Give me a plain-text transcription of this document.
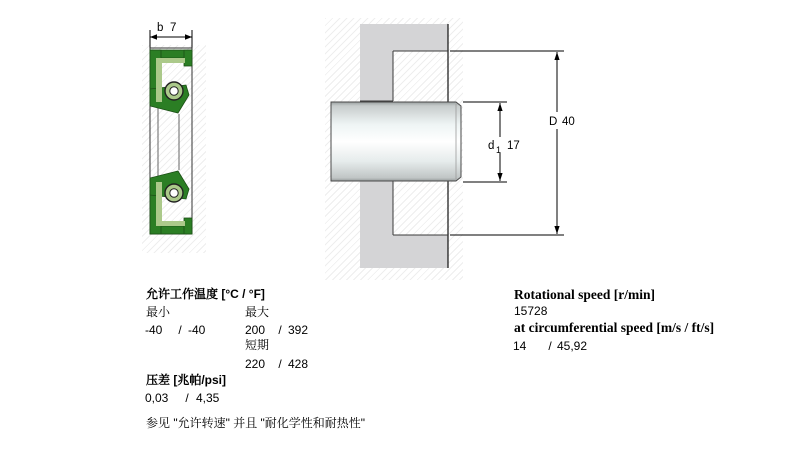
b 7
d 1 17
D 40
允许工作温度 [°C / °F]
最小	最大
-40 / -40	200 / 392
短期
220 / 428
压差 [兆帕/psi]
0,03 / 4,35
参见 "允许转速" 并且 "耐化学性和耐热性"
Rotational speed [r/min]
15728
at circumferential speed [m/s / ft/s]
14 / 45,92
